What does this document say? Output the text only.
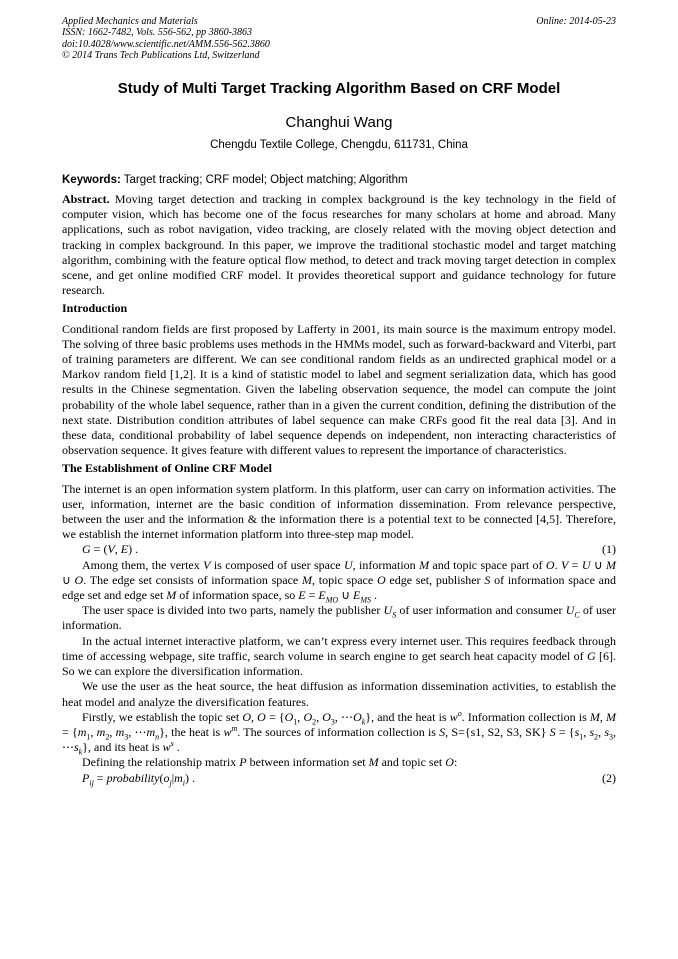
Applied Mechanics and Materials
ISSN: 1662-7482, Vols. 556-562, pp 3860-3863
doi:10.4028/www.scientific.net/AMM.556-562.3860
© 2014 Trans Tech Publications Ltd, Switzerland
Online: 2014-05-23
Study of Multi Target Tracking Algorithm Based on CRF Model
Changhui Wang
Chengdu Textile College, Chengdu, 611731, China
Keywords: Target tracking; CRF model; Object matching; Algorithm

Abstract. Moving target detection and tracking in complex background is the key technology in the field of computer vision, which has become one of the focus researches for many scholars at home and abroad. Many applications, such as robot navigation, video tracking, are closely related with the moving object detection and tracking in complex background. In this paper, we improve the traditional stochastic model and target matching algorithm, combining with the feature optical flow method, to detect and track moving target detection in complex scene, and get online modified CRF model. It provides theoretical support and guidance technology for future research.

Introduction

Conditional random fields are first proposed by Lafferty in 2001, its main source is the maximum entropy model. The solving of three basic problems uses methods in the HMMs model, such as forward-backward and Viterbi, part of training parameters are different. We can see conditional random fields as an undirected graphical model or a Markov random field [1,2]. It is a kind of statistic model to label and segment serialization data, which has good results in the Chinese segmentation. Given the labeling observation sequence, the model can compute the joint probability of the whole label sequence, rather than in a given the current condition, defining the distribution of the next state. Distribution condition attributes of label sequence can make CRFs good fit the real data [3]. And in these data, conditional probability of label sequence depends on independent, non interacting characteristics of observation sequence. It gives feature with different values to represent the importance of characteristics.

The Establishment of Online CRF Model

The internet is an open information system platform. In this platform, user can carry on information activities. The user, information, internet are the basic condition of information dissemination. From relevance perspective, between the user and the information & the information there is a potential text to be connected [4,5]. Therefore, we establish the internet information platform into three-step map model.

G = (V, E) .	(1)

Among them, the vertex V is composed of user space U, information M and topic space part of O. V = U ∪ M ∪ O. The edge set consists of information space M, topic space O edge set, publisher S of information space and edge set and edge set M of information space, so $E = E_{MO}$ ∪ $E_{MS}$ .

The user space is divided into two parts, namely the publisher $U_S$ of user information and consumer $U_C$ of user information.

In the actual internet interactive platform, we can’t express every internet user. This requires feedback through time of accessing webpage, site traffic, search volume in search engine to get search heat capacity model of G [6]. So we can explore the diversification information.

We use the user as the heat source, the heat diffusion as information dissemination activities, to establish the heat model and analyze the diversification features.

Firstly, we establish the topic set O, $O = \{O_1$, $O_2$, $O_3$, $\cdots O_k$}, and the heat is $w^o$. Information collection is M, $M = \{m_1$, $m_2$, $m_3$, $\cdots m_n$}, the heat is $w^m$. The sources of information collection is S, S={s1, S2, S3, SK} $S = \{s_1$, $s_2$, $s_3$, $\cdots s_k$}, and its heat is $w^s$ .

Defining the relationship matrix P between information set M and topic set O:

$P_{ij}$ = $probability(o_j|m_i)$ .	(2)
